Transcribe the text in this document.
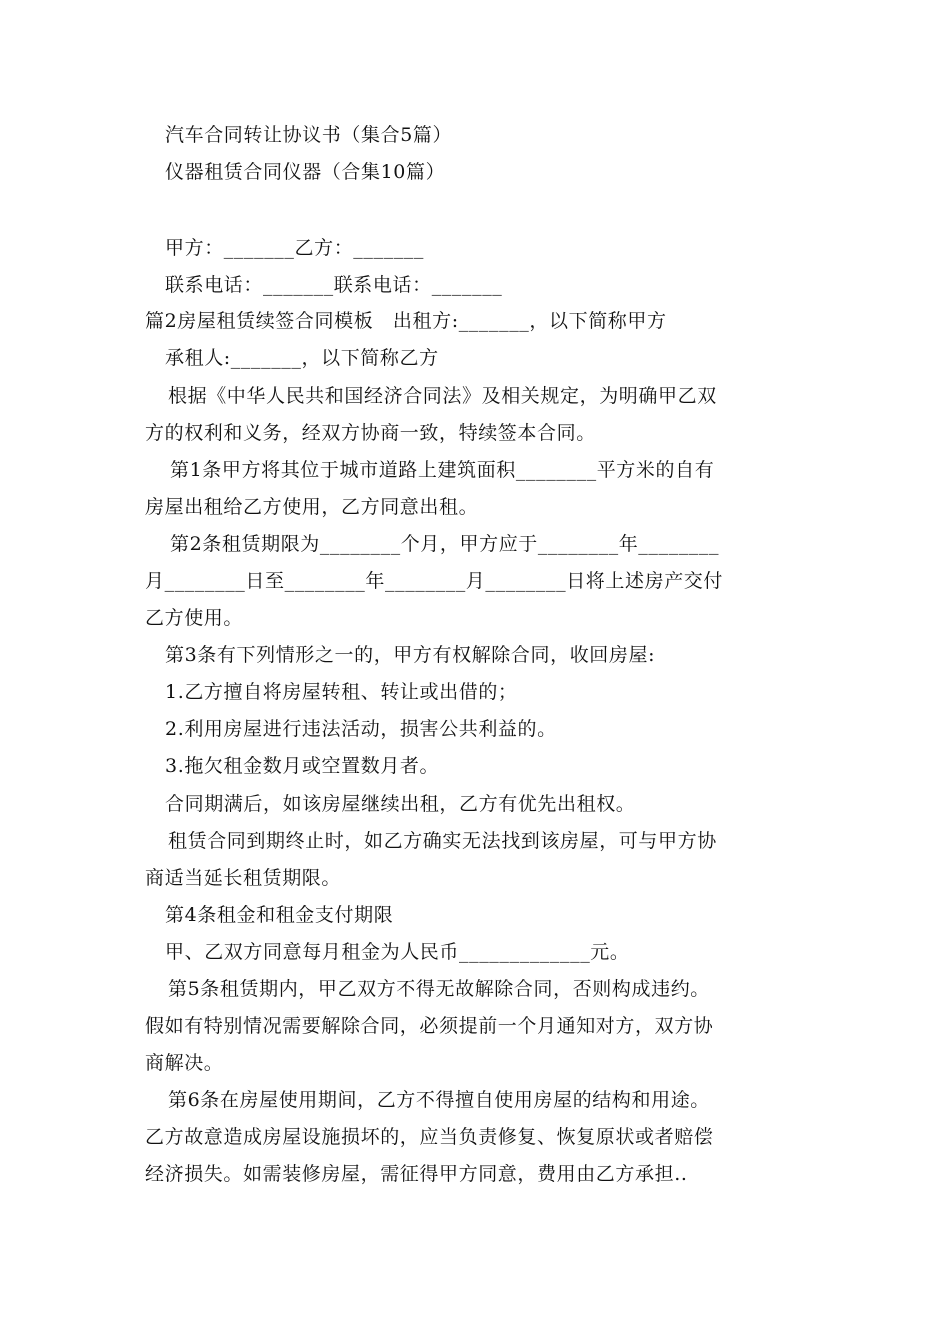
汽车合同转让协议书（集合5篇）
仪器租赁合同仪器（合集10篇）
甲方：_______乙方：_______
联系电话：_______联系电话：_______
篇2房屋租赁续签合同模板　出租方:_______，以下简称甲方
承租人:_______，以下简称乙方
根据《中华人民共和国经济合同法》及相关规定，为明确甲乙双
方的权利和义务，经双方协商一致，特续签本合同。
第1条甲方将其位于城市道路上建筑面积________平方米的自有
房屋出租给乙方使用，乙方同意出租。
第2条租赁期限为________个月，甲方应于________年________
月________日至________年________月________日将上述房产交付
乙方使用。
第3条有下列情形之一的，甲方有权解除合同，收回房屋:
1.乙方擅自将房屋转租、转让或出借的；
2.利用房屋进行违法活动，损害公共利益的。
3.拖欠租金数月或空置数月者。
合同期满后，如该房屋继续出租，乙方有优先出租权。
租赁合同到期终止时，如乙方确实无法找到该房屋，可与甲方协
商适当延长租赁期限。
第4条租金和租金支付期限
甲、乙双方同意每月租金为人民币_____________元。
第5条租赁期内，甲乙双方不得无故解除合同，否则构成违约。
假如有特别情况需要解除合同，必须提前一个月通知对方，双方协
商解决。
第6条在房屋使用期间，乙方不得擅自使用房屋的结构和用途。
乙方故意造成房屋设施损坏的，应当负责修复、恢复原状或者赔偿
经济损失。如需装修房屋，需征得甲方同意，费用由乙方承担..
